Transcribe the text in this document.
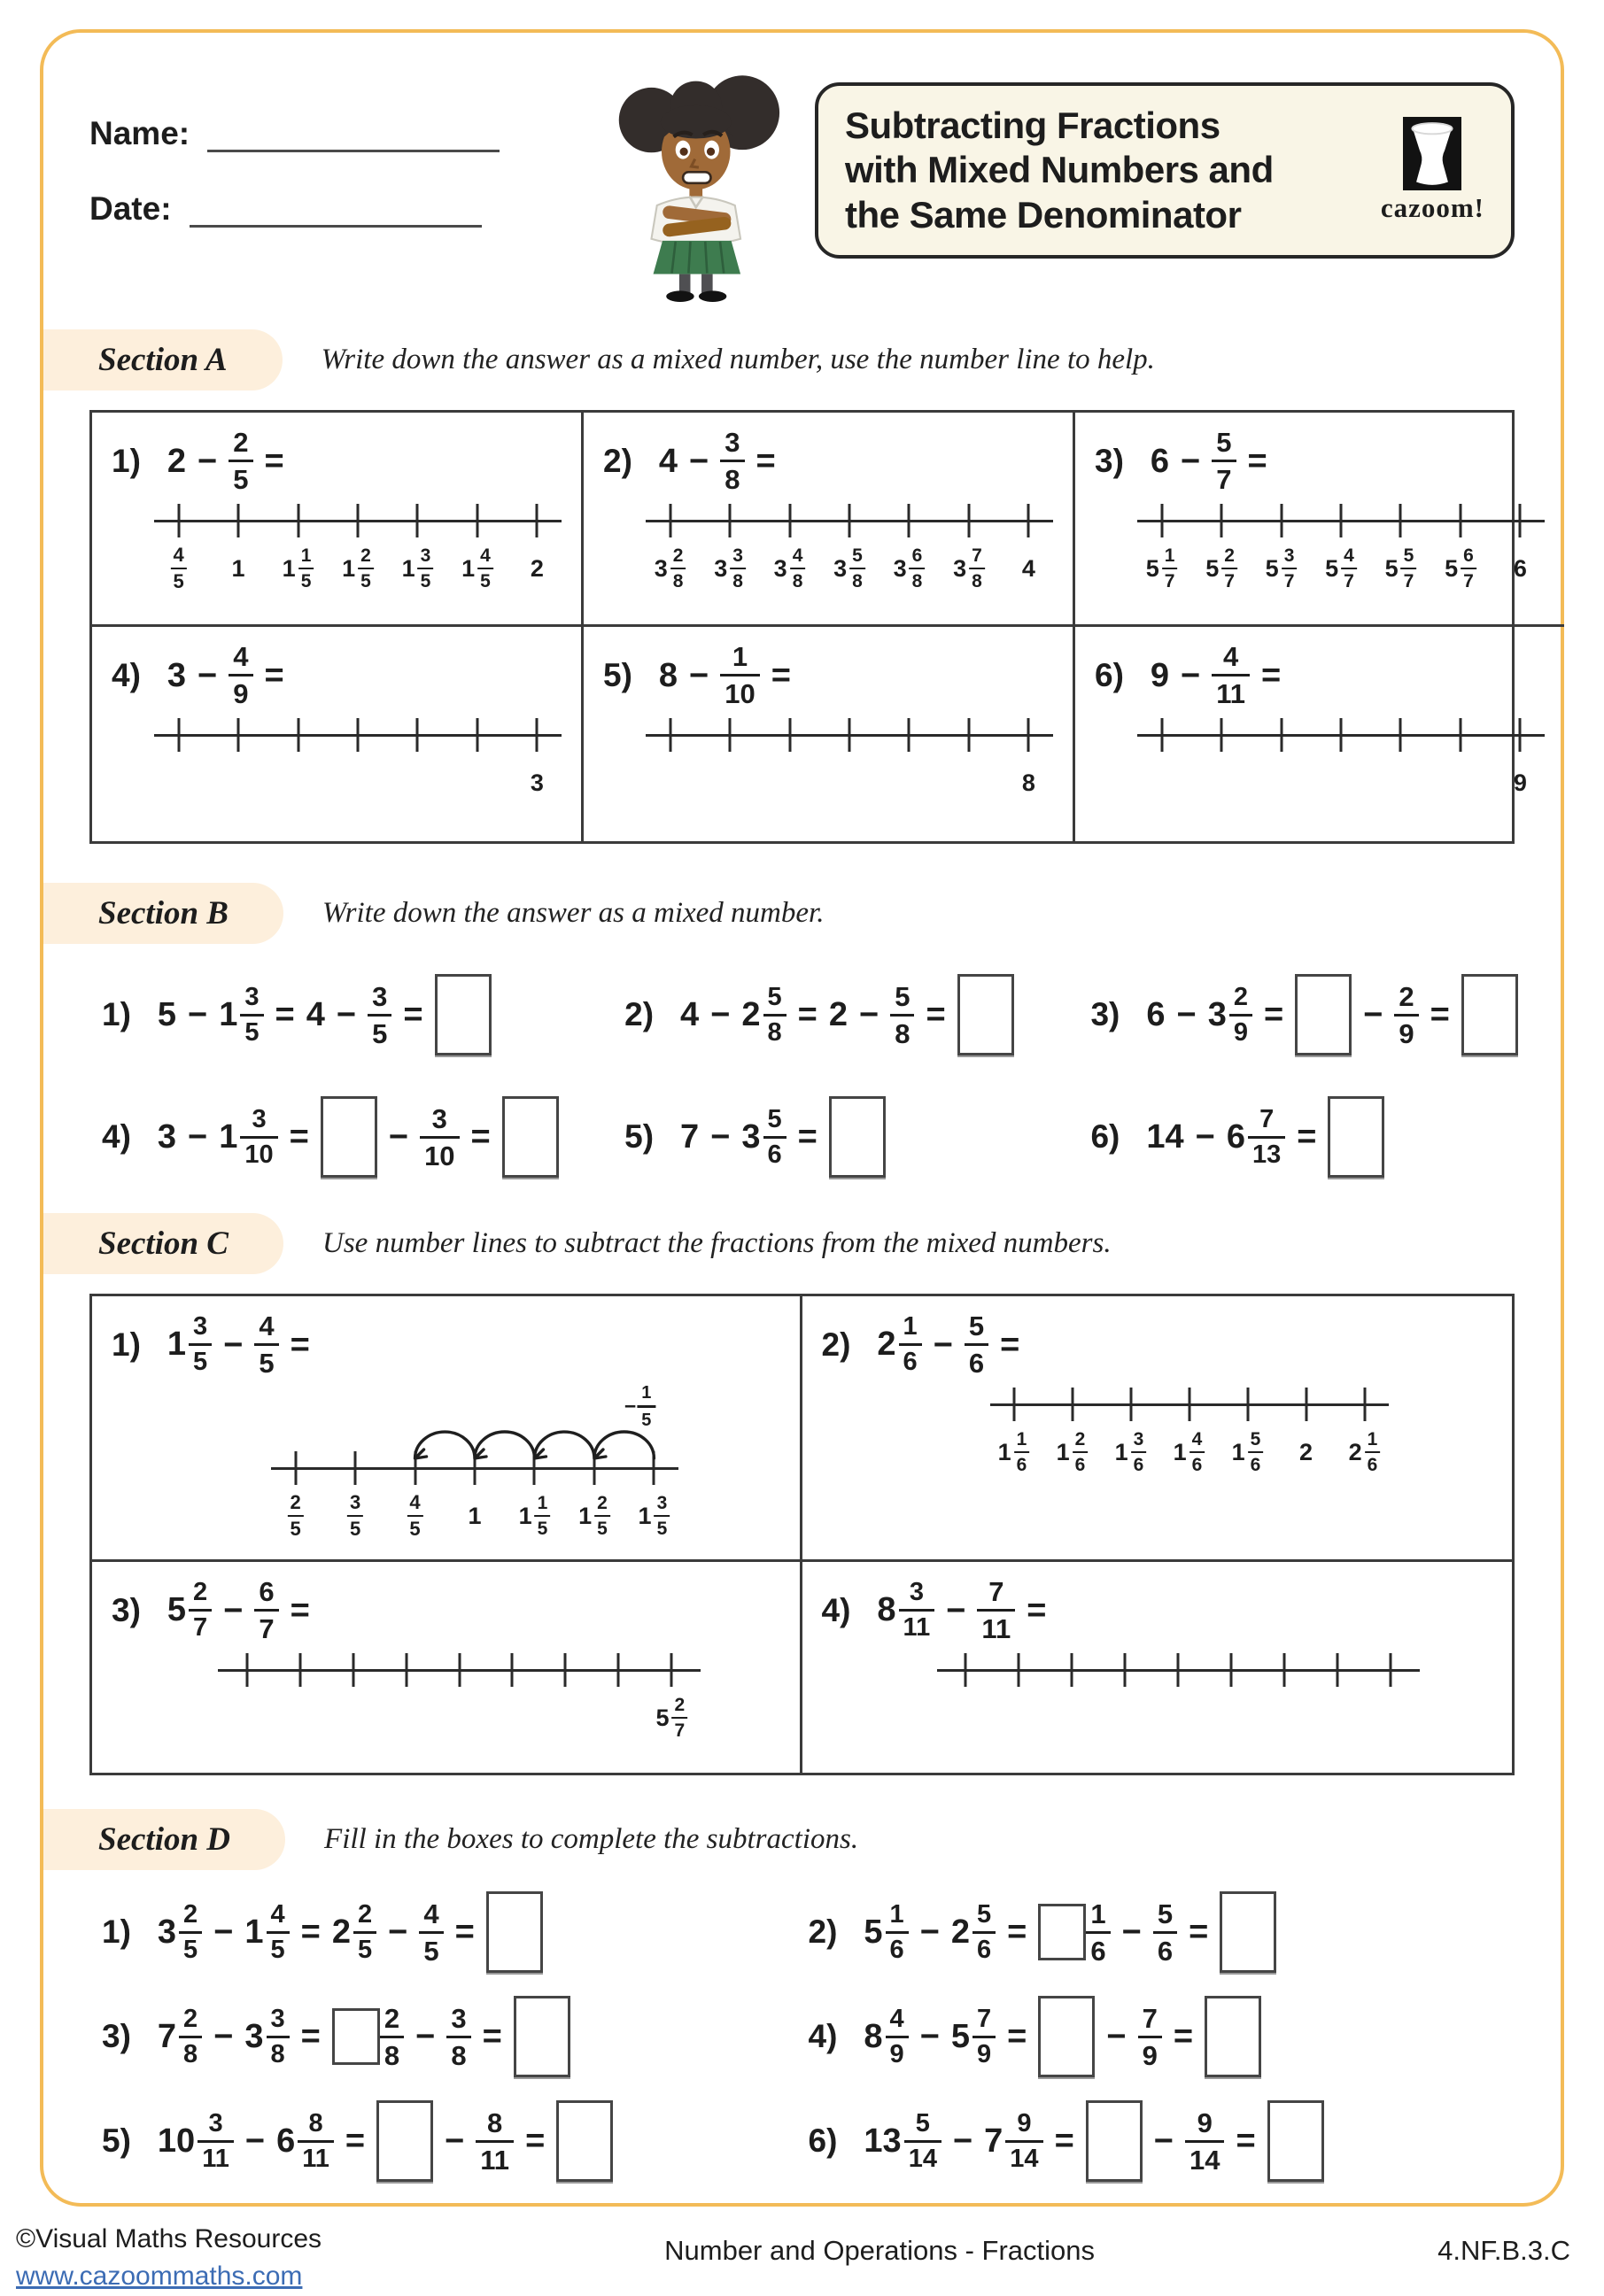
Name:
Date:
Subtracting Fractions
with Mixed Numbers and
the Same Denominator	cazoom!
Section A	Write down the answer as a mixed number, use the number line to help.
1) $2 - \frac{2}{5}$ =
$\frac{4}{5} 1$ $1 \frac{1}{5} 1 \frac{2}{5} 1 \frac{3}{5} 1 \frac{4}{5} 2$
2) $4 - \frac{3}{8}$ =
$3 \frac{2}{8} 3 \frac{3}{8} 3 \frac{4}{8} 3 \frac{5}{8} 3 \frac{6}{8} 3 \frac{7}{8} 4$
3) $6 - \frac{5}{7}$ =
$5 \frac{1}{7} 5 \frac{2}{7} 5 \frac{3}{7} 5 \frac{4}{7} 5 \frac{5}{7} 5 \frac{6}{7} 6$
4) $3 - \frac{4}{9}$ =
3
5) $8 - \frac{1}{10}$ =
8
6) $9 - \frac{4}{11}$ =
9
Section B	Write down the answer as a mixed number.
1) $5 - 1 \frac{3}{5} = 4 - \frac{3}{5}$ =	2) $4 - 2 \frac{5}{8} = 2 - \frac{5}{8}$ =	3) $6 - 3 \frac{2}{9}$ = − $\frac{2}{9}$ =
4) $3 - 1 \frac{3}{10}$ = − $\frac{3}{10}$ =	5) $7 - 3 \frac{5}{6}$ =	6) $14 - 6 \frac{7}{13}$ =
Section C	Use number lines to subtract the fractions from the mixed numbers.
1) $1 \frac{3}{5} - \frac{4}{5}$ =
$\frac{2}{5} \frac{3}{5} \frac{4}{5} 1$ $1 \frac{1}{5} 1 \frac{2}{5} 1 \frac{3}{5}$
− $\frac{1}{5}$
2) $2 \frac{1}{6} - \frac{5}{6}$ =
$1 \frac{1}{6} 1 \frac{2}{6} 1 \frac{3}{6} 1 \frac{4}{6} 1 \frac{5}{6} 2$ $2 \frac{1}{6}$
3) $5 \frac{2}{7} - \frac{6}{7}$ =
$5 \frac{2}{7}$
4) $8 \frac{3}{11} - \frac{7}{11}$ =
Section D	Fill in the boxes to complete the subtractions.
1) $3 \frac{2}{5} - 1 \frac{4}{5} = 2 \frac{2}{5} - \frac{4}{5}$ =	2) $5 \frac{1}{6} - 2 \frac{5}{6} = \frac{1}{6} - \frac{5}{6}$ =
3) $7 \frac{2}{8} - 3 \frac{3}{8} = \frac{2}{8} - \frac{3}{8}$ =	4) $8 \frac{4}{9} - 5 \frac{7}{9}$ = − $\frac{7}{9}$ =
5) $10 \frac{3}{11} - 6 \frac{8}{11}$ = − $\frac{8}{11}$ =	6) $13 \frac{5}{14} - 7 \frac{9}{14}$ = − $\frac{9}{14}$ =
©Visual Maths Resources
www.cazoommaths.com
Number and Operations - Fractions	4.NF.B.3.C
